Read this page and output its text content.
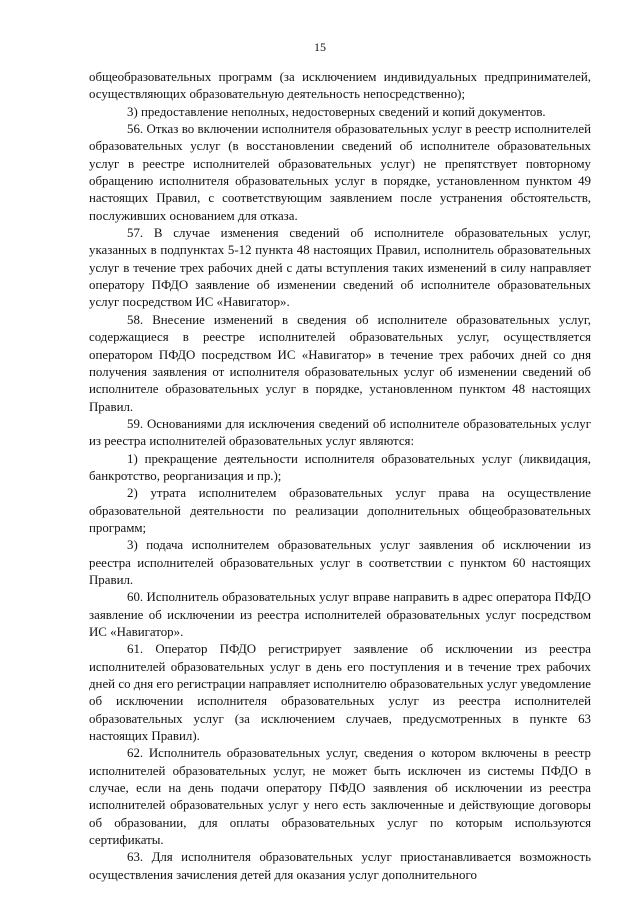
15

общеобразовательных программ (за исключением индивидуальных предпринимателей, осуществляющих образовательную деятельность непосредственно);

3) предоставление неполных, недостоверных сведений и копий документов.

56. Отказ во включении исполнителя образовательных услуг в реестр исполнителей образовательных услуг (в восстановлении сведений об исполнителе образовательных услуг в реестре исполнителей образовательных услуг) не препятствует повторному обращению исполнителя образовательных услуг в порядке, установленном пунктом 49 настоящих Правил, с соответствующим заявлением после устранения обстоятельств, послуживших основанием для отказа.

57. В случае изменения сведений об исполнителе образовательных услуг, указанных в подпунктах 5-12 пункта 48 настоящих Правил, исполнитель образовательных услуг в течение трех рабочих дней с даты вступления таких изменений в силу направляет оператору ПФДО заявление об изменении сведений об исполнителе образовательных услуг посредством ИС «Навигатор».

58. Внесение изменений в сведения об исполнителе образовательных услуг, содержащиеся в реестре исполнителей образовательных услуг, осуществляется оператором ПФДО посредством ИС «Навигатор» в течение трех рабочих дней со дня получения заявления от исполнителя образовательных услуг об изменении сведений об исполнителе образовательных услуг в порядке, установленном пунктом 48 настоящих Правил.

59. Основаниями для исключения сведений об исполнителе образовательных услуг из реестра исполнителей образовательных услуг являются:

1) прекращение деятельности исполнителя образовательных услуг (ликвидация, банкротство, реорганизация и пр.);

2) утрата исполнителем образовательных услуг права на осуществление образовательной деятельности по реализации дополнительных общеобразовательных программ;

3) подача исполнителем образовательных услуг заявления об исключении из реестра исполнителей образовательных услуг в соответствии с пунктом 60 настоящих Правил.

60. Исполнитель образовательных услуг вправе направить в адрес оператора ПФДО заявление об исключении из реестра исполнителей образовательных услуг посредством ИС «Навигатор».

61. Оператор ПФДО регистрирует заявление об исключении из реестра исполнителей образовательных услуг в день его поступления и в течение трех рабочих дней со дня его регистрации направляет исполнителю образовательных услуг уведомление об исключении исполнителя образовательных услуг из реестра исполнителей образовательных услуг (за исключением случаев, предусмотренных в пункте 63 настоящих Правил).

62. Исполнитель образовательных услуг, сведения о котором включены в реестр исполнителей образовательных услуг, не может быть исключен из системы ПФДО в случае, если на день подачи оператору ПФДО заявления об исключении из реестра исполнителей образовательных услуг у него есть заключенные и действующие договоры об образовании, для оплаты образовательных услуг по которым используются сертификаты.

63. Для исполнителя образовательных услуг приостанавливается возможность осуществления зачисления детей для оказания услуг дополнительного
